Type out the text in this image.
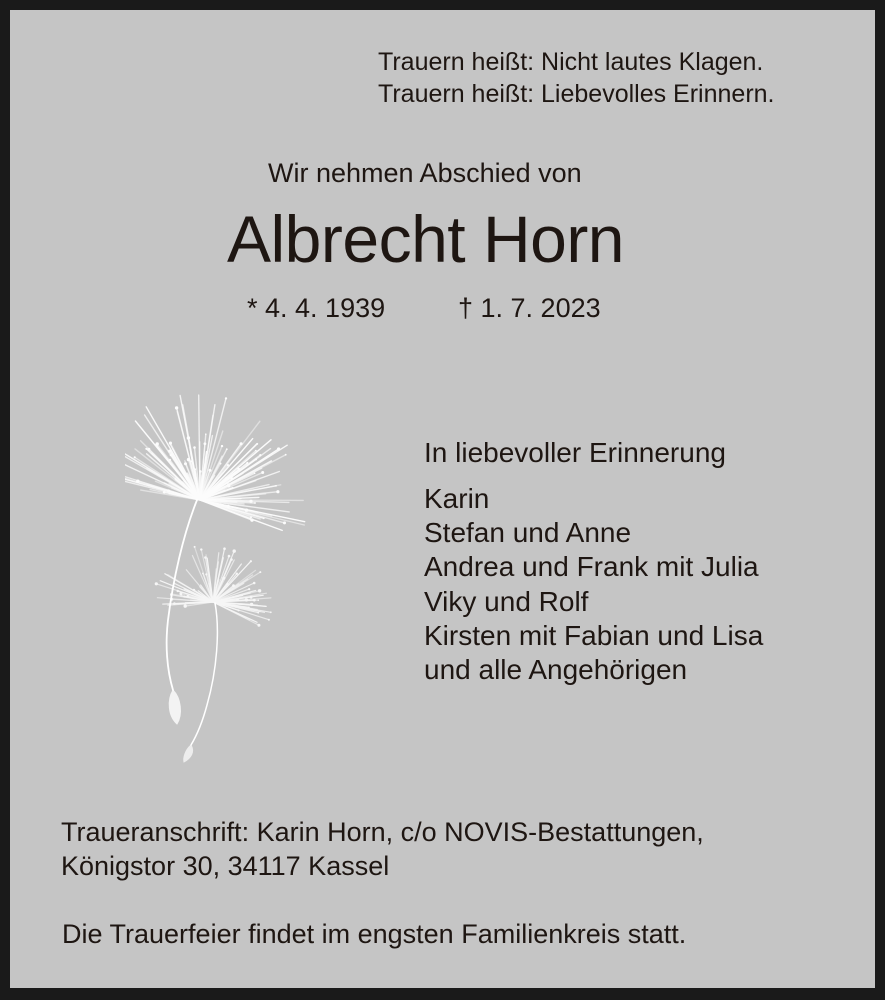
Trauern heißt: Nicht lautes Klagen.
Trauern heißt: Liebevolles Erinnern.
Wir nehmen Abschied von
Albrecht Horn
* 4. 4. 1939	† 1. 7. 2023
In liebevoller Erinnerung
Karin
Stefan und Anne
Andrea und Frank mit Julia
Viky und Rolf
Kirsten mit Fabian und Lisa
und alle Angehörigen
Traueranschrift: Karin Horn, c/o NOVIS-Bestattungen,
Königstor 30, 34117 Kassel
Die Trauerfeier findet im engsten Familienkreis statt.
